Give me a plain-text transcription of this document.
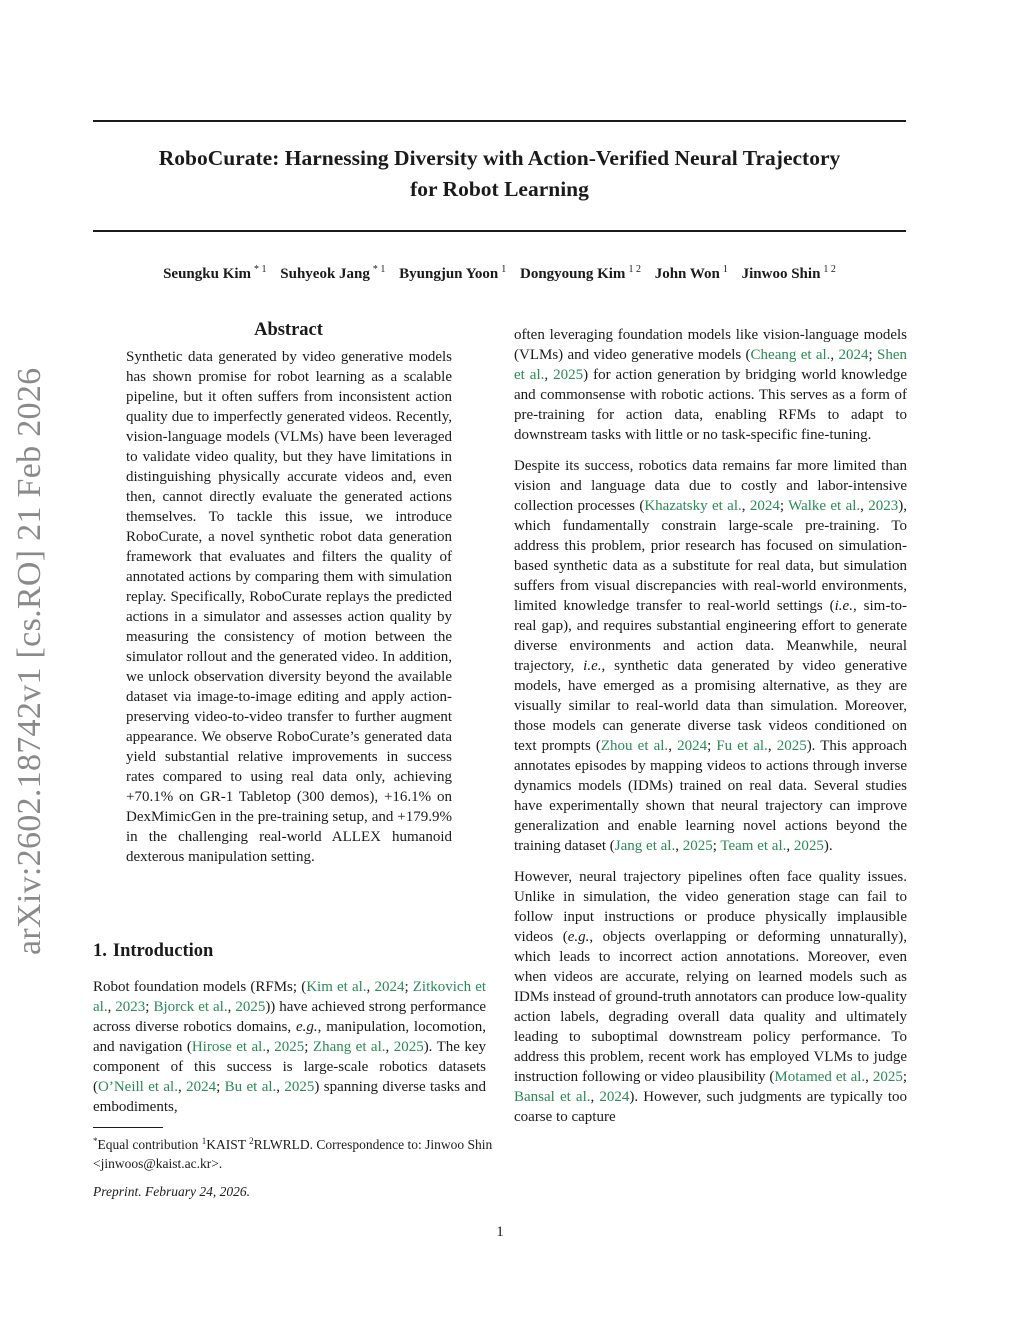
RoboCurate: Harnessing Diversity with Action-Verified Neural Trajectory
for Robot Learning
Seungku Kim $^{* 1}$ Suhyeok Jang $^{* 1}$ Byungjun Yoon $^1$ Dongyoung Kim $^{1 2}$ John Won $^1$ Jinwoo Shin $^{1 2}$
arXiv:2602.18742v1 [cs.RO] 21 Feb 2026
Abstract

Synthetic data generated by video generative models has shown promise for robot learning as a scalable pipeline, but it often suffers from inconsistent action quality due to imperfectly generated videos. Recently, vision-language models (VLMs) have been leveraged to validate video quality, but they have limitations in distinguishing physically accurate videos and, even then, cannot directly evaluate the generated actions themselves. To tackle this issue, we introduce RoboCurate, a novel synthetic robot data generation framework that evaluates and filters the quality of annotated actions by comparing them with simulation replay. Specifically, RoboCurate replays the predicted actions in a simulator and assesses action quality by measuring the consistency of motion between the simulator rollout and the generated video. In addition, we unlock observation diversity beyond the available dataset via image-to-image editing and apply action-preserving video-to-video transfer to further augment appearance. We observe RoboCurate’s generated data yield substantial relative improvements in success rates compared to using real data only, achieving +70.1% on GR-1 Tabletop (300 demos), +16.1% on DexMimicGen in the pre-training setup, and +179.9% in the challenging real-world ALLEX humanoid dexterous manipulation setting.

1. Introduction

Robot foundation models (RFMs; (Kim et al., 2024; Zitkovich et al., 2023; Bjorck et al., 2025)) have achieved strong performance across diverse robotics domains, e.g., manipulation, locomotion, and navigation (Hirose et al., 2025; Zhang et al., 2025). The key component of this success is large-scale robotics datasets (O’Neill et al., 2024; Bu et al., 2025) spanning diverse tasks and embodiments,

*Equal contribution $^1$KAIST $^2$RLWRLD. Correspondence to: Jinwoo Shin <jinwoos@kaist.ac.kr>.

Preprint. February 24, 2026.

often leveraging foundation models like vision-language models (VLMs) and video generative models (Cheang et al., 2024; Shen et al., 2025) for action generation by bridging world knowledge and commonsense with robotic actions. This serves as a form of pre-training for action data, enabling RFMs to adapt to downstream tasks with little or no task-specific fine-tuning.

Despite its success, robotics data remains far more limited than vision and language data due to costly and labor-intensive collection processes (Khazatsky et al., 2024; Walke et al., 2023), which fundamentally constrain large-scale pre-training. To address this problem, prior research has focused on simulation-based synthetic data as a substitute for real data, but simulation suffers from visual discrepancies with real-world environments, limited knowledge transfer to real-world settings (i.e., sim-to-real gap), and requires substantial engineering effort to generate diverse environments and action data. Meanwhile, neural trajectory, i.e., synthetic data generated by video generative models, have emerged as a promising alternative, as they are visually similar to real-world data than simulation. Moreover, those models can generate diverse task videos conditioned on text prompts (Zhou et al., 2024; Fu et al., 2025). This approach annotates episodes by mapping videos to actions through inverse dynamics models (IDMs) trained on real data. Several studies have experimentally shown that neural trajectory can improve generalization and enable learning novel actions beyond the training dataset (Jang et al., 2025; Team et al., 2025).

However, neural trajectory pipelines often face quality issues. Unlike in simulation, the video generation stage can fail to follow input instructions or produce physically implausible videos (e.g., objects overlapping or deforming unnaturally), which leads to incorrect action annotations. Moreover, even when videos are accurate, relying on learned models such as IDMs instead of ground-truth annotators can produce low-quality action labels, degrading overall data quality and ultimately leading to suboptimal downstream policy performance. To address this problem, recent work has employed VLMs to judge instruction following or video plausibility (Motamed et al., 2025; Bansal et al., 2024). However, such judgments are typically too coarse to capture

1
